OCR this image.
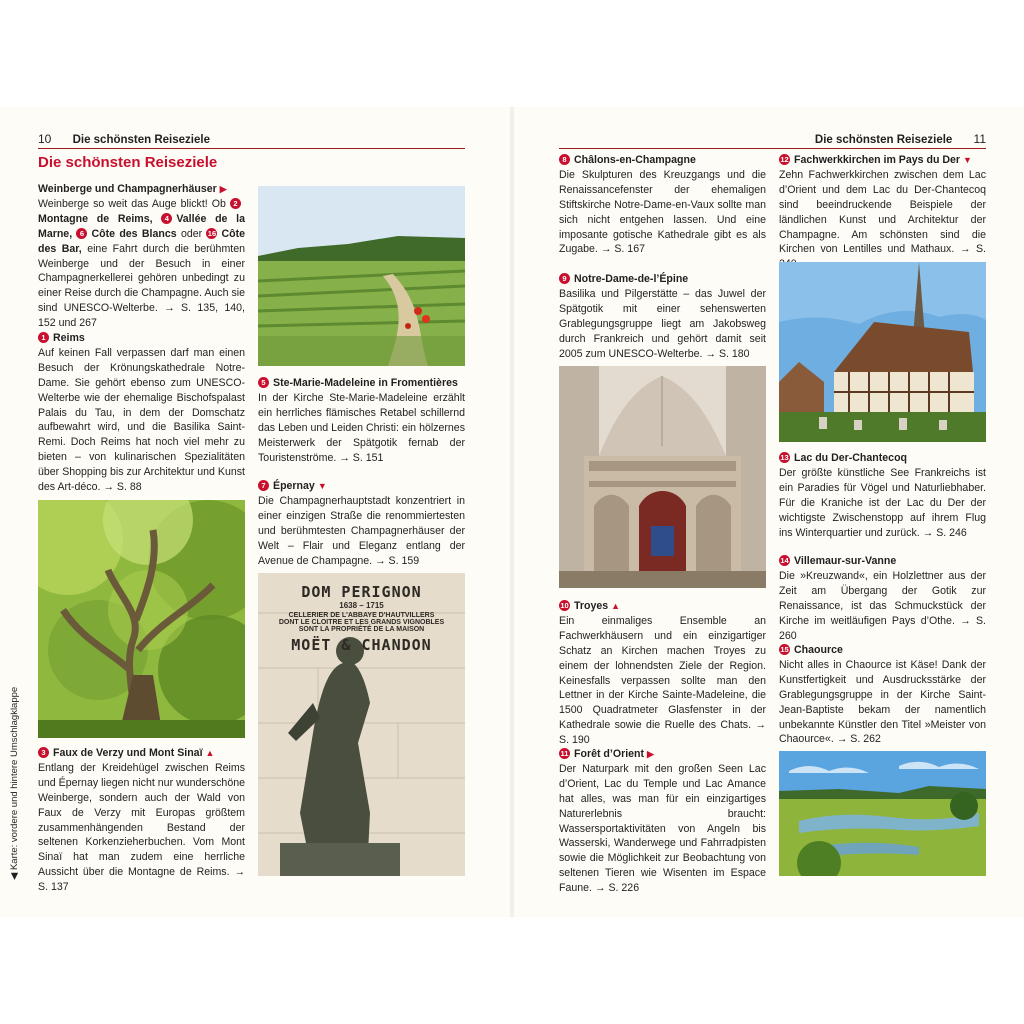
10 Die schönsten Reiseziele
Die schönsten Reiseziele
Weinberge und Champagnerhäuser ▶

Weinberge so weit das Auge blickt! Ob 2Montagne de Reims, 4 Vallée de la Marne, 6 Côte des Blancs oder 16 Côte des Bar, eine Fahrt durch die berühmten Weinberge und der Besuch in einer Champagnerkellerei gehören unbedingt zu einer Reise durch die Champagne. Auch sie sind UNESCO-Welterbe. → S. 135, 140, 152 und 267

1 Reims

Auf keinen Fall verpassen darf man einen Besuch der Krönungskathedrale Notre-Dame. Sie gehört ebenso zum UNESCO-Welterbe wie der ehemalige Bischofspalast Palais du Tau, in dem der Domschatz aufbewahrt wird, und die Basilika Saint-Remi. Doch Reims hat noch viel mehr zu bieten – von kulinarischen Spezialitäten über Shopping bis zur Architektur und Kunst des Art-déco. → S. 88

3 Faux de Verzy und Mont Sinaï ▲

Entlang der Kreidehügel zwischen Reims und Épernay liegen nicht nur wunderschöne Weinberge, sondern auch der Wald von Faux de Verzy mit Europas größtem zusammenhängenden Bestand der seltenen Korkenzieherbuchen. Vom Mont Sinaï hat man zudem eine herrliche Aussicht über die Montagne de Reims. → S. 137

5 Ste-Marie-Madeleine in Fromentières

In der Kirche Ste-Marie-Madeleine erzählt ein herrliches flämisches Retabel schillernd das Leben und Leiden Christi: ein hölzernes Meisterwerk der Spätgotik fernab der Touristenströme. → S. 151

7 Épernay ▼

Die Champagnerhauptstadt konzentriert in einer einzigen Straße die renommiertesten und berühmtesten Champagnerhäuser der Welt – Flair und Eleganz entlang der Avenue de Champagne. → S. 159

DOM PERIGNON
1638 – 1715
CELLERIER DE L'ABBAYE D'HAUTVILLERS
DONT LE CLOITRE ET LES GRANDS VIGNOBLES
SONT LA PROPRIÉTÉ DE LA MAISON
MOËT & CHANDON
◀ Karte: vordere und hintere Umschlagklappe
Die schönsten Reiseziele 11
8 Châlons-en-Champagne

Die Skulpturen des Kreuzgangs und die Renaissancefenster der ehemaligen Stiftskirche Notre-Dame-en-Vaux sollte man sich nicht entgehen lassen. Und eine imposante gotische Kathedrale gibt es als Zugabe. → S. 167

9 Notre-Dame-de-l’Épine

Basilika und Pilgerstätte – das Juwel der Spätgotik mit einer sehenswerten Grablegungsgruppe liegt am Jakobsweg durch Frankreich und gehört damit seit 2005 zum UNESCO-Welterbe. → S. 180

10 Troyes ▲

Ein einmaliges Ensemble an Fachwerkhäusern und ein einzigartiger Schatz an Kirchen machen Troyes zu einem der lohnendsten Ziele der Region. Keinesfalls verpassen sollte man den Lettner in der Kirche Sainte-Madeleine, die 1500 Quadratmeter Glasfenster in der Kathedrale sowie die Ruelle des Chats. → S. 190

11 Forêt d’Orient ▶

Der Naturpark mit den großen Seen Lac d’Orient, Lac du Temple und Lac Amance hat alles, was man für ein einzigartiges Naturerlebnis braucht: Wassersportaktivitäten von Angeln bis Wasserski, Wanderwege und Fahrradpisten sowie die Möglichkeit zur Beobachtung von seltenen Tieren wie Wisenten im Espace Faune. → S. 226

12 Fachwerkkirchen im Pays du Der ▼

Zehn Fachwerkkirchen zwischen dem Lac d’Orient und dem Lac du Der-Chantecoq sind beeindruckende Beispiele der ländlichen Kunst und Architektur der Champagne. Am schönsten sind die Kirchen von Lentilles und Mathaux. → S.

13 Lac du Der-Chantecoq

Der größte künstliche See Frankreichs ist ein Paradies für Vögel und Naturliebhaber. Für die Kraniche ist der Lac du Der der wichtigste Zwischenstopp auf ihrem Flug ins Winterquartier und zurück. → S. 246

14 Villemaur-sur-Vanne

Die »Kreuzwand«, ein Holzlettner aus der Zeit am Übergang der Gotik zur Renaissance, ist das Schmuckstück der Kirche im weitläufigen Pays d’Othe. → S. 260

15 Chaource

Nicht alles in Chaource ist Käse! Dank der Kunstfertigkeit und Ausdrucksstärke der Grablegungsgruppe in der Kirche Saint-Jean-Baptiste bekam der namentlich unbekannte Künstler den Titel »Meister von Chaource«. → S. 262
